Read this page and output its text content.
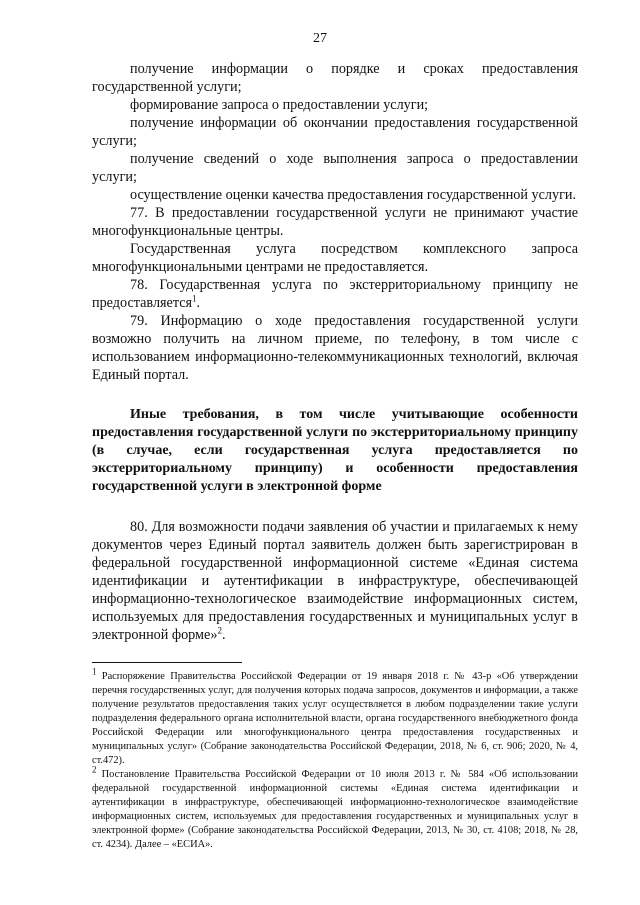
27

получение информации о порядке и сроках предоставления государственной услуги;

формирование запроса о предоставлении услуги;

получение информации об окончании предоставления государственной услуги;

получение сведений о ходе выполнения запроса о предоставлении услуги;

осуществление оценки качества предоставления государственной услуги.

77. В предоставлении государственной услуги не принимают участие многофункциональные центры.

Государственная услуга посредством комплексного запроса многофункциональными центрами не предоставляется.

78. Государственная услуга по экстерриториальному принципу не предоставляется$^1$.

79. Информацию о ходе предоставления государственной услуги возможно получить на личном приеме, по телефону, в том числе с использованием информационно-телекоммуникационных технологий, включая Единый портал.

Иные требования, в том числе учитывающие особенности предоставления государственной услуги по экстерриториальному принципу (в случае, если государственная услуга предоставляется по экстерриториальному принципу) и особенности предоставления государственной услуги в электронной форме

80. Для возможности подачи заявления об участии и прилагаемых к нему документов через Единый портал заявитель должен быть зарегистрирован в федеральной государственной информационной системе «Единая система идентификации и аутентификации в инфраструктуре, обеспечивающей информационно-технологическое взаимодействие информационных систем, используемых для предоставления государственных и муниципальных услуг в электронной форме»$^2$.

$^1$ Распоряжение Правительства Российской Федерации от 19 января 2018 г. № 43-р «Об утверждении перечня государственных услуг, для получения которых подача запросов, документов и информации, а также получение результатов предоставления таких услуг осуществляется в любом подразделении такие услуги подразделения федерального органа исполнительной власти, органа государственного внебюджетного фонда Российской Федерации или многофункционального центра предоставления государственных и муниципальных услуг» (Собрание законодательства Российской Федерации, 2018, № 6, ст. 906; 2020, № 4, ст.472).

$^2$ Постановление Правительства Российской Федерации от 10 июля 2013 г. № 584 «Об использовании федеральной государственной информационной системы «Единая система идентификации и аутентификации в инфраструктуре, обеспечивающей информационно-технологическое взаимодействие информационных систем, используемых для предоставления государственных и муниципальных услуг в электронной форме» (Собрание законодательства Российской Федерации, 2013, № 30, ст. 4108; 2018, № 28, ст. 4234). Далее – «ЕСИА».
